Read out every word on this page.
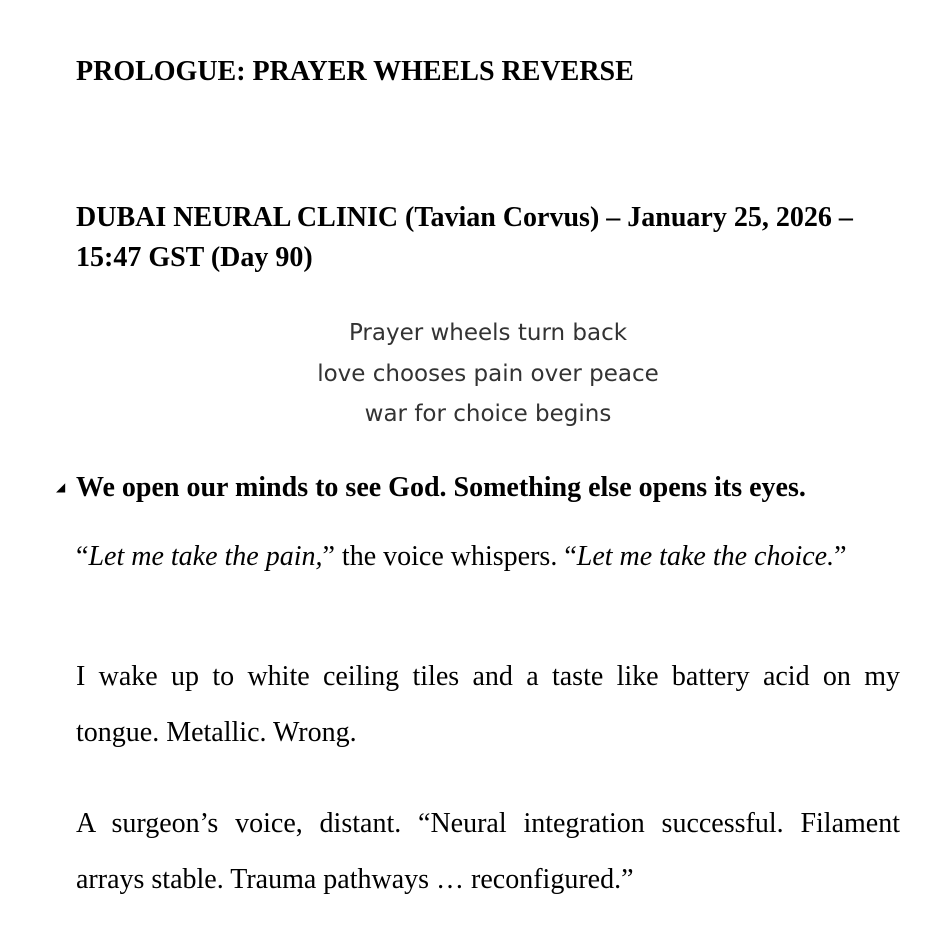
PROLOGUE: PRAYER WHEELS REVERSE
DUBAI NEURAL CLINIC (Tavian Corvus) – January 25, 2026 – 15:47 GST (Day 90)
Prayer wheels turn back
love chooses pain over peace
war for choice begins
◢ We open our minds to see God. Something else opens its eyes.

“Let me take the pain,” the voice whispers. “Let me take the choice.”

I wake up to white ceiling tiles and a taste like battery acid on my tongue. Metallic. Wrong.

A surgeon’s voice, distant. “Neural integration successful. Filament arrays stable. Trauma pathways … reconfigured.”
